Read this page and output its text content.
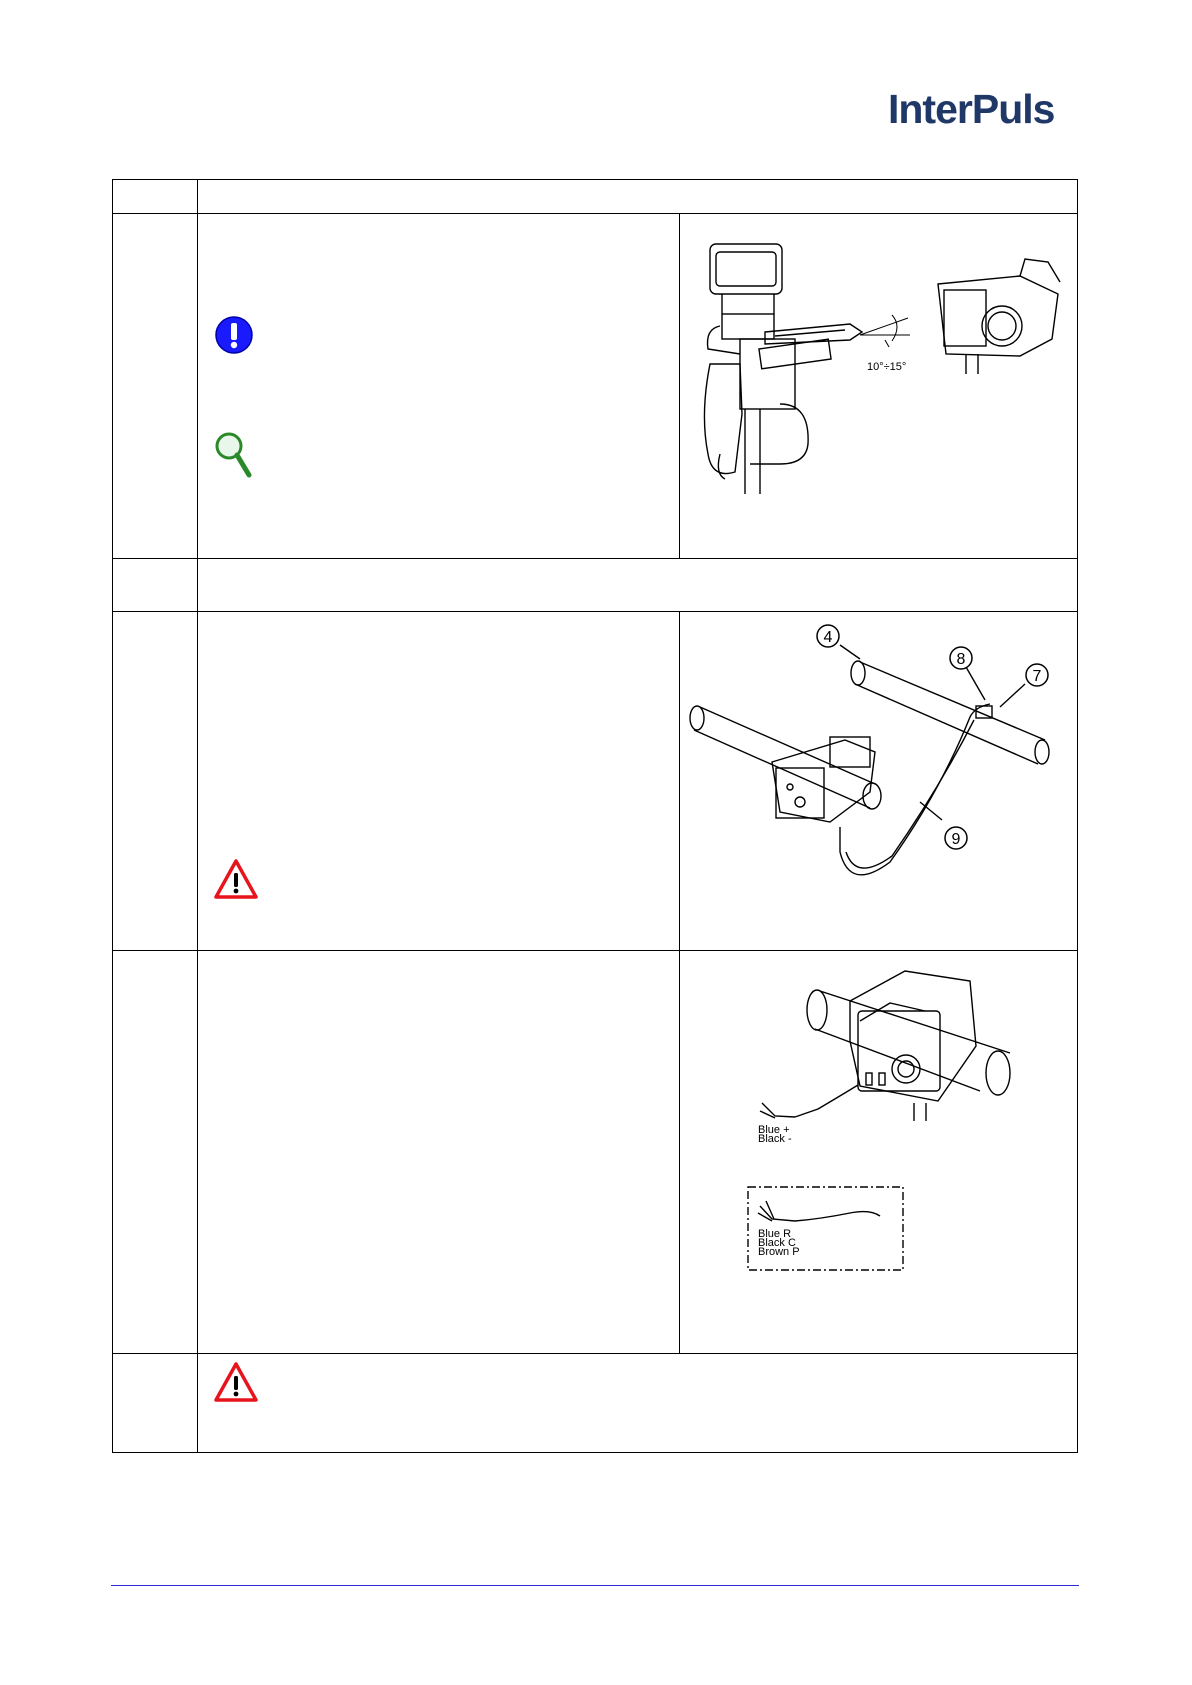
InterPuls

10°÷15°

4
8
7
9

Blue +
Black -
Blue R
Black C
Brown P
